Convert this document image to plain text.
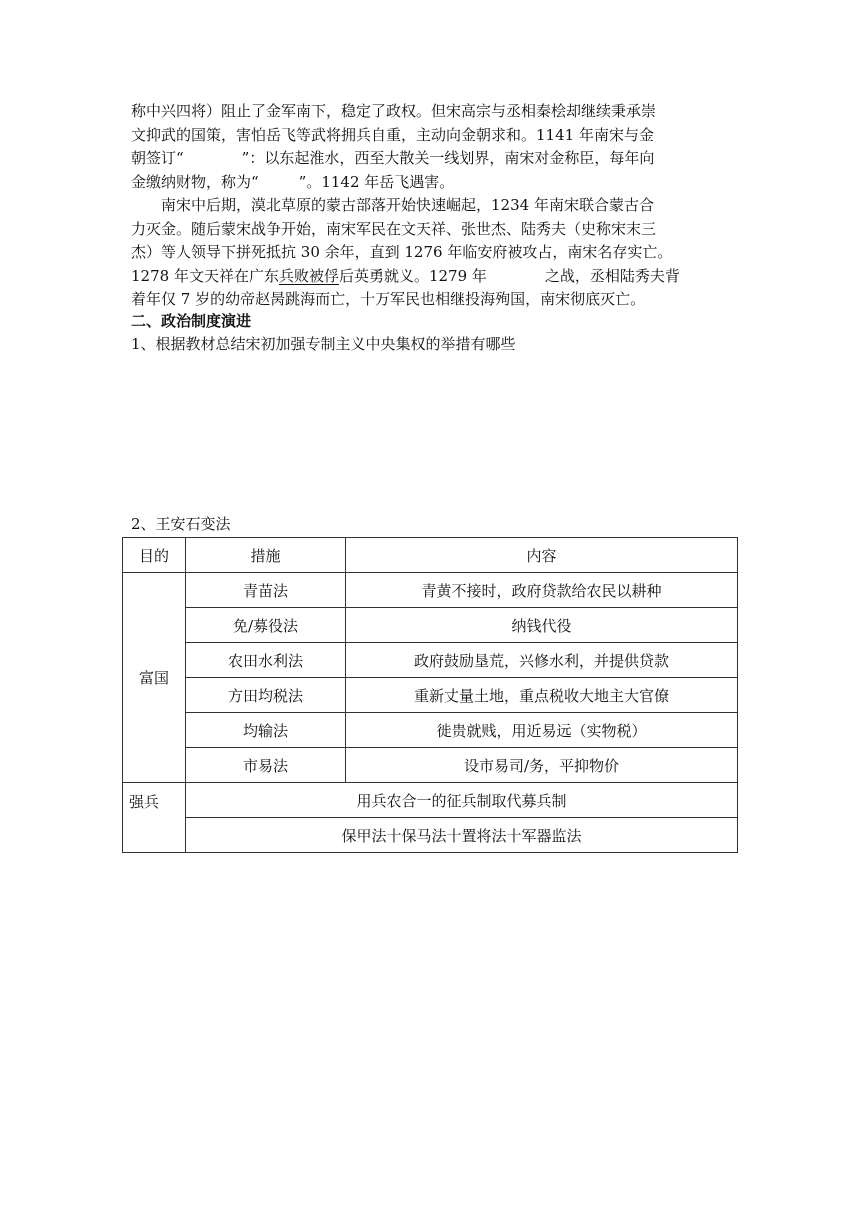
称中兴四将）阻止了金军南下，稳定了政权。但宋高宗与丞相秦桧却继续秉承崇

文抑武的国策，害怕岳飞等武将拥兵自重，主动向金朝求和。1141 年南宋与金

朝签订“	”：以东起淮水，西至大散关一线划界，南宋对金称臣，每年向

金缴纳财物，称为“	”。1142 年岳飞遇害。

南宋中后期，漠北草原的蒙古部落开始快速崛起，1234 年南宋联合蒙古合

力灭金。随后蒙宋战争开始，南宋军民在文天祥、张世杰、陆秀夫（史称宋末三

杰）等人领导下拼死抵抗 30 余年，直到 1276 年临安府被攻占，南宋名存实亡。

1278 年文天祥在广东兵败被俘后英勇就义。1279 年	之战，丞相陆秀夫背

着年仅 7 岁的幼帝赵昺跳海而亡，十万军民也相继投海殉国，南宋彻底灭亡。

二、政治制度演进
1、根据教材总结宋初加强专制主义中央集权的举措有哪些
2、王安石变法
目的	措施	内容
富国	青苗法	青黄不接时，政府贷款给农民以耕种
	免/募役法	纳钱代役
	农田水利法	政府鼓励垦荒，兴修水利，并提供贷款
	方田均税法	重新丈量土地，重点税收大地主大官僚
	均输法	徙贵就贱，用近易远（实物税）
	市易法	设市易司/务，平抑物价
强兵	用兵农合一的征兵制取代募兵制	
	保甲法十保马法十置将法十军器监法	
